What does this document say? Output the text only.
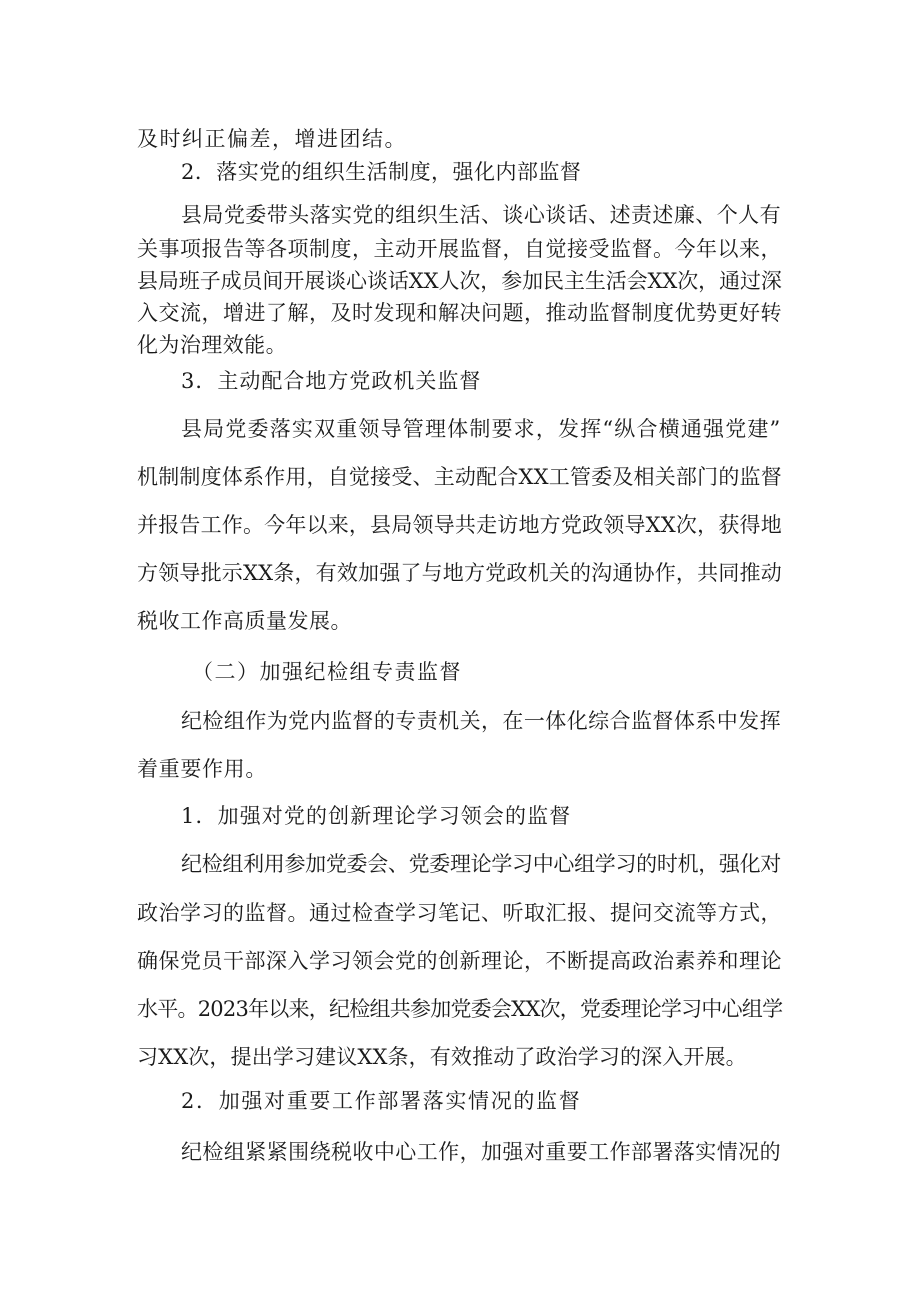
及时纠正偏差，增进团结。

2．落实党的组织生活制度，强化内部监督

县局党委带头落实党的组织生活、谈心谈话、述责述廉、个人有

关事项报告等各项制度，主动开展监督，自觉接受监督。今年以来，

县局班子成员间开展谈心谈话XX人次，参加民主生活会XX次，通过深

入交流，增进了解，及时发现和解决问题，推动监督制度优势更好转

化为治理效能。

3．主动配合地方党政机关监督

县局党委落实双重领导管理体制要求，发挥“纵合横通强党建”

机制制度体系作用，自觉接受、主动配合XX工管委及相关部门的监督

并报告工作。今年以来，县局领导共走访地方党政领导XX次，获得地

方领导批示XX条，有效加强了与地方党政机关的沟通协作，共同推动

税收工作高质量发展。

（二）加强纪检组专责监督

纪检组作为党内监督的专责机关，在一体化综合监督体系中发挥

着重要作用。

1．加强对党的创新理论学习领会的监督

纪检组利用参加党委会、党委理论学习中心组学习的时机，强化对

政治学习的监督。通过检查学习笔记、听取汇报、提问交流等方式，

确保党员干部深入学习领会党的创新理论，不断提高政治素养和理论

水平。2023年以来，纪检组共参加党委会XX次，党委理论学习中心组学

习XX次，提出学习建议XX条，有效推动了政治学习的深入开展。

2．加强对重要工作部署落实情况的监督

纪检组紧紧围绕税收中心工作，加强对重要工作部署落实情况的
